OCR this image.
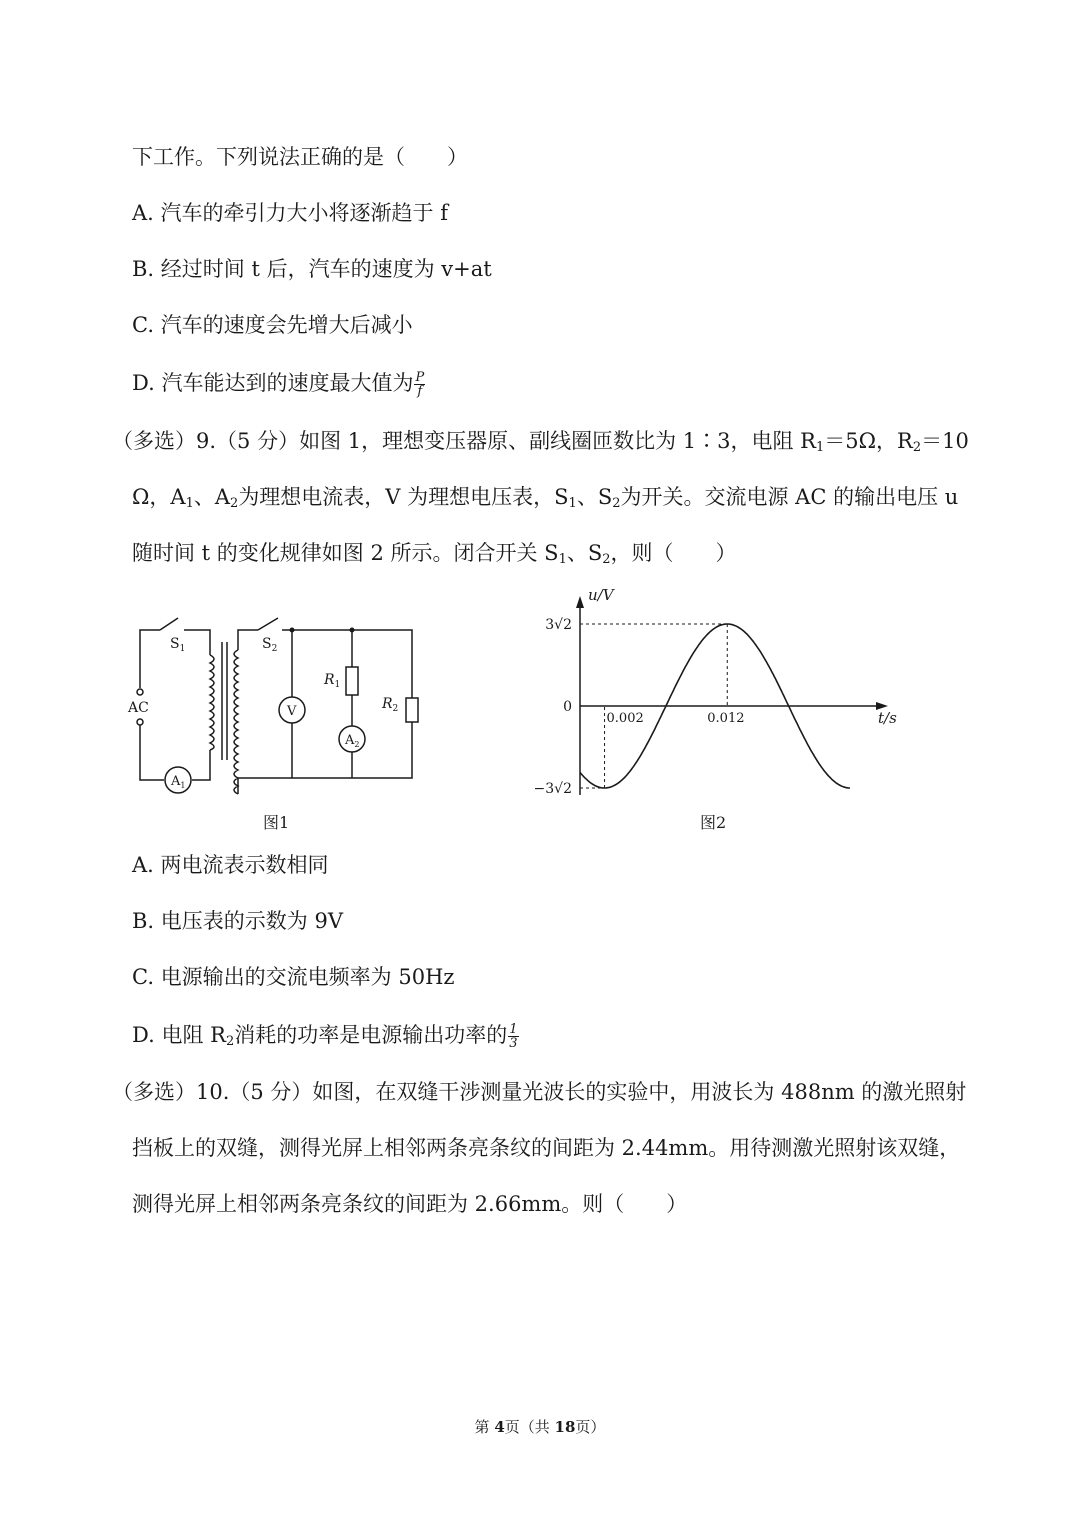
下工作。下列说法正确的是（　　）
A. 汽车的牵引力大小将逐渐趋于 f
B. 经过时间 t 后，汽车的速度为 v+at
C. 汽车的速度会先增大后减小
D. 汽车能达到的速度最大值为 $\frac{P}{f}$
（多选）9.（5 分）如图 1，理想变压器原、副线圈匝数比为 1∶3，电阻 $R_1=5\Omega$，$R_2=10$
Ω，$A_1$、$A_2$为理想电流表，V 为理想电压表，$S_1$、$S_2$为开关。交流电源 AC 的输出电压 u
随时间 t 的变化规律如图 2 所示。闭合开关 $S_1$、$S_2$，则（　　）
$S_1$	$S_2$
AC
$A_1$
V
$A_2$
$R_1$
$R_2$
图1
u/V
t/s
3√2
0
−3√2
0.002	0.012
图2
A. 两电流表示数相同
B. 电压表的示数为 9V
C. 电源输出的交流电频率为 50Hz
D. 电阻 $R_2$消耗的功率是电源输出功率的 $\frac{1}{3}$
（多选）10.（5 分）如图，在双缝干涉测量光波长的实验中，用波长为 488nm 的激光照射
挡板上的双缝，测得光屏上相邻两条亮条纹的间距为 2.44mm。用待测激光照射该双缝，
测得光屏上相邻两条亮条纹的间距为 2.66mm。则（　　）
第 4页（共 18页）
